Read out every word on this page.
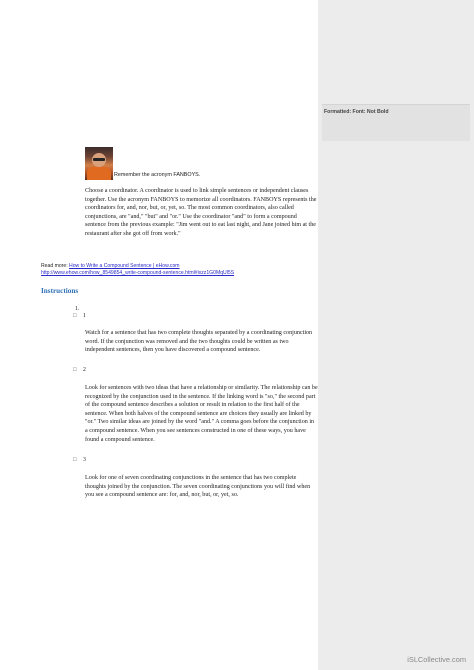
Formatted: Font: Not Bold
Remember the acronym FANBOYS.
Choose a coordinator. A coordinator is used to link simple sentences or independent clauses together. Use the acronym FANBOYS to memorize all coordinators. FANBOYS represents the coordinators for, and, nor, but, or, yet, so. The most common coordinators, also called conjunctions, are "and," "but" and "or." Use the coordinator "and" to form a compound sentence from the previous example: "Jim went out to eat last night, and Jane joined him at the restaurant after she got off from work."
Read more: How to Write a Compound Sentence | eHow.com
http://www.ehow.com/how_8549854_write-compound-sentence.html#ixzz1G0MqUl5S
Instructions
1.
□ 1
Watch for a sentence that has two complete thoughts separated by a coordinating conjunction word. If the conjunction was removed and the two thoughts could be written as two independent sentences, then you have discovered a compound sentence.
□ 2
Look for sentences with two ideas that have a relationship or similarity. The relationship can be recognized by the conjunction used in the sentence. If the linking word is "so," the second part of the compound sentence describes a solution or result in relation to the first half of the sentence. When both halves of the compound sentence are choices they usually are linked by "or." Two similar ideas are joined by the word "and." A comma goes before the conjunction in a compound sentence. When you see sentences constructed in one of these ways, you have found a compound sentence.
□ 3
Look for one of seven coordinating conjunctions in the sentence that has two complete thoughts joined by the conjunction. The seven coordinating conjunctions you will find when you see a compound sentence are: for, and, nor, but, or, yet, so.
iSLCollective.com
